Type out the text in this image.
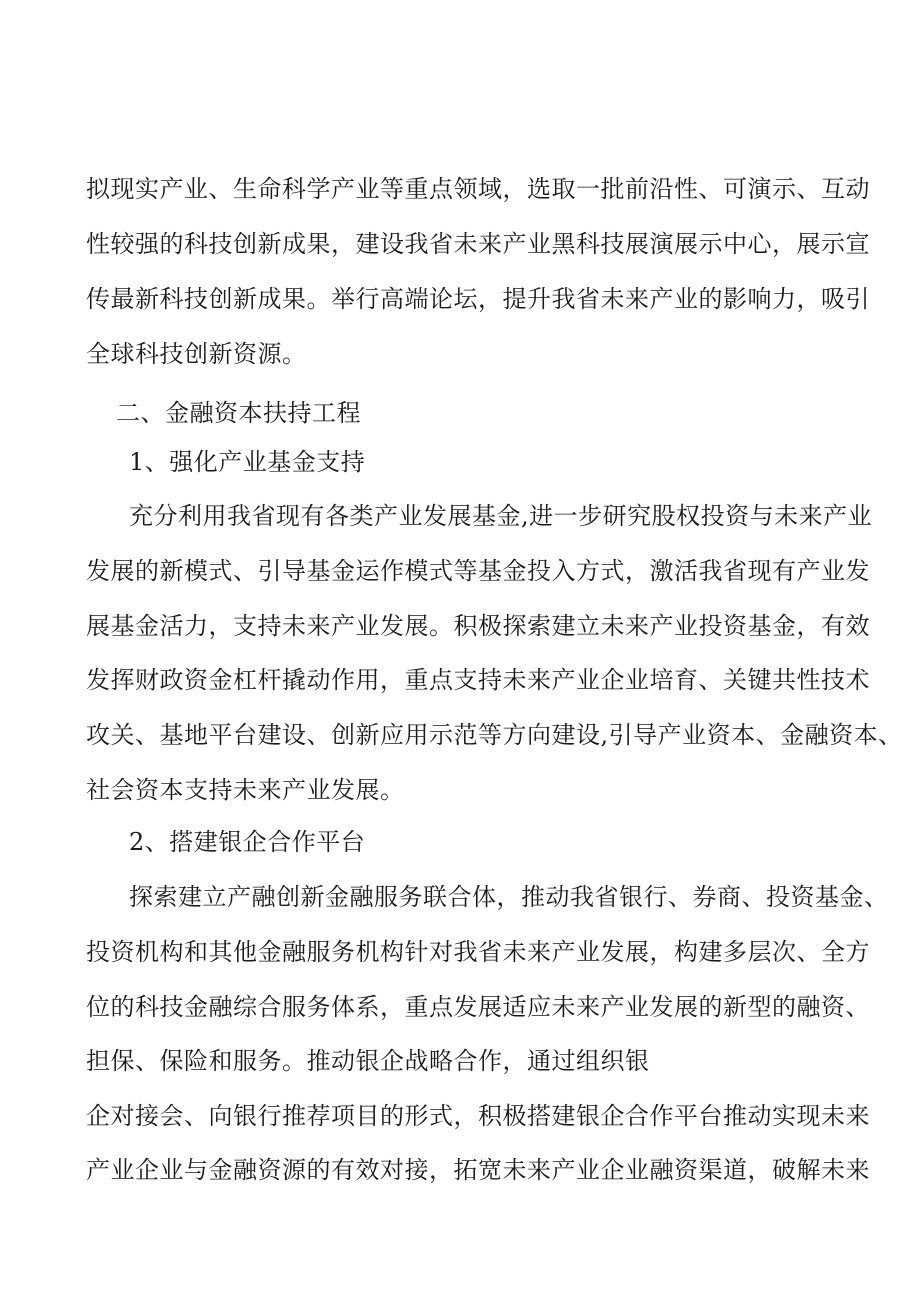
拟现实产业、生命科学产业等重点领域，选取一批前沿性、可演示、互动
性较强的科技创新成果，建设我省未来产业黑科技展演展示中心，展示宣
传最新科技创新成果。举行高端论坛，提升我省未来产业的影响力，吸引
全球科技创新资源。
二、金融资本扶持工程
1、强化产业基金支持
充分利用我省现有各类产业发展基金,进一步研究股权投资与未来产业
发展的新模式、引导基金运作模式等基金投入方式，激活我省现有产业发
展基金活力，支持未来产业发展。积极探索建立未来产业投资基金，有效
发挥财政资金杠杆撬动作用，重点支持未来产业企业培育、关键共性技术
攻关、基地平台建设、创新应用示范等方向建设,引导产业资本、金融资本、
社会资本支持未来产业发展。
2、搭建银企合作平台
探索建立产融创新金融服务联合体，推动我省银行、券商、投资基金、
投资机构和其他金融服务机构针对我省未来产业发展，构建多层次、全方
位的科技金融综合服务体系，重点发展适应未来产业发展的新型的融资、
担保、保险和服务。推动银企战略合作，通过组织银
企对接会、向银行推荐项目的形式，积极搭建银企合作平台推动实现未来
产业企业与金融资源的有效对接，拓宽未来产业企业融资渠道，破解未来
